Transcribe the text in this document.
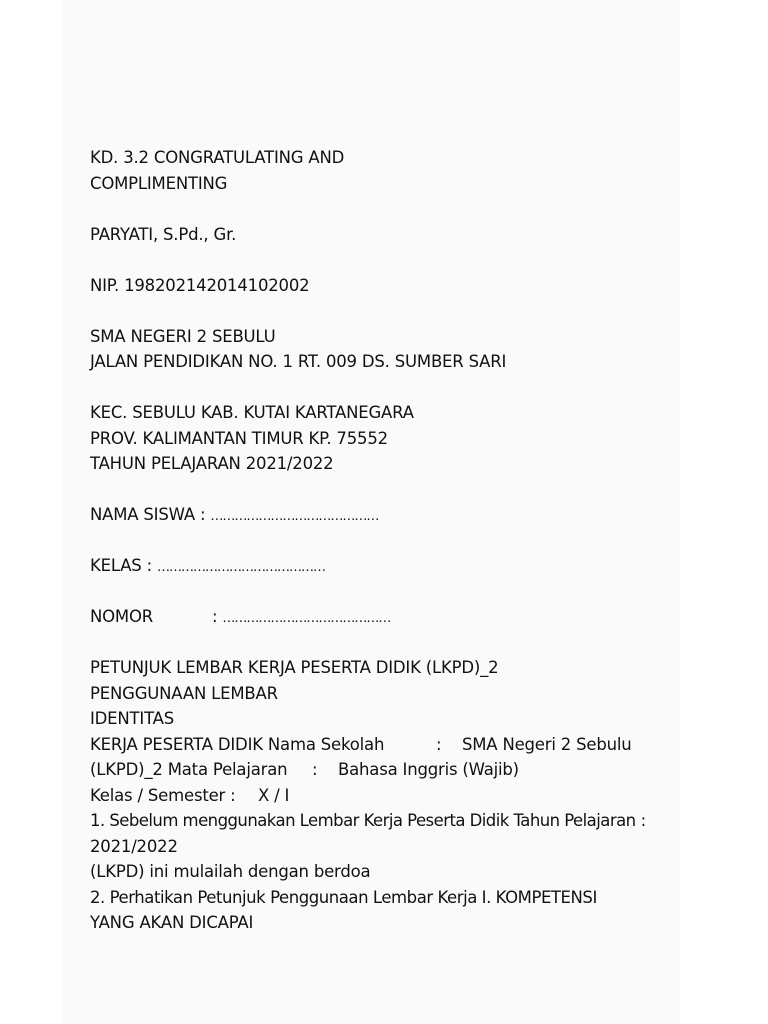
KD. 3.2 CONGRATULATING AND
COMPLIMENTING
PARYATI, S.Pd., Gr.
NIP. 198202142014102002
SMA NEGERI 2 SEBULU
JALAN PENDIDIKAN NO. 1 RT. 009 DS. SUMBER SARI
KEC. SEBULU KAB. KUTAI KARTANEGARA
PROV. KALIMANTAN TIMUR KP. 75552
TAHUN PELAJARAN 2021/2022
NAMA SISWA : ……………………………………
KELAS : ……………………………………
NOMOR	: ……………………………………
PETUNJUK LEMBAR KERJA PESERTA DIDIK (LKPD)_2
PENGGUNAAN LEMBAR
IDENTITAS
KERJA PESERTA DIDIK Nama Sekolah	: SMA Negeri 2 Sebulu
(LKPD)_2 Mata Pelajaran : Bahasa Inggris (Wajib)
Kelas / Semester : X / I
1. Sebelum menggunakan Lembar Kerja Peserta Didik Tahun Pelajaran :
2021/2022
(LKPD) ini mulailah dengan berdoa
2. Perhatikan Petunjuk Penggunaan Lembar Kerja I. KOMPETENSI
YANG AKAN DICAPAI
